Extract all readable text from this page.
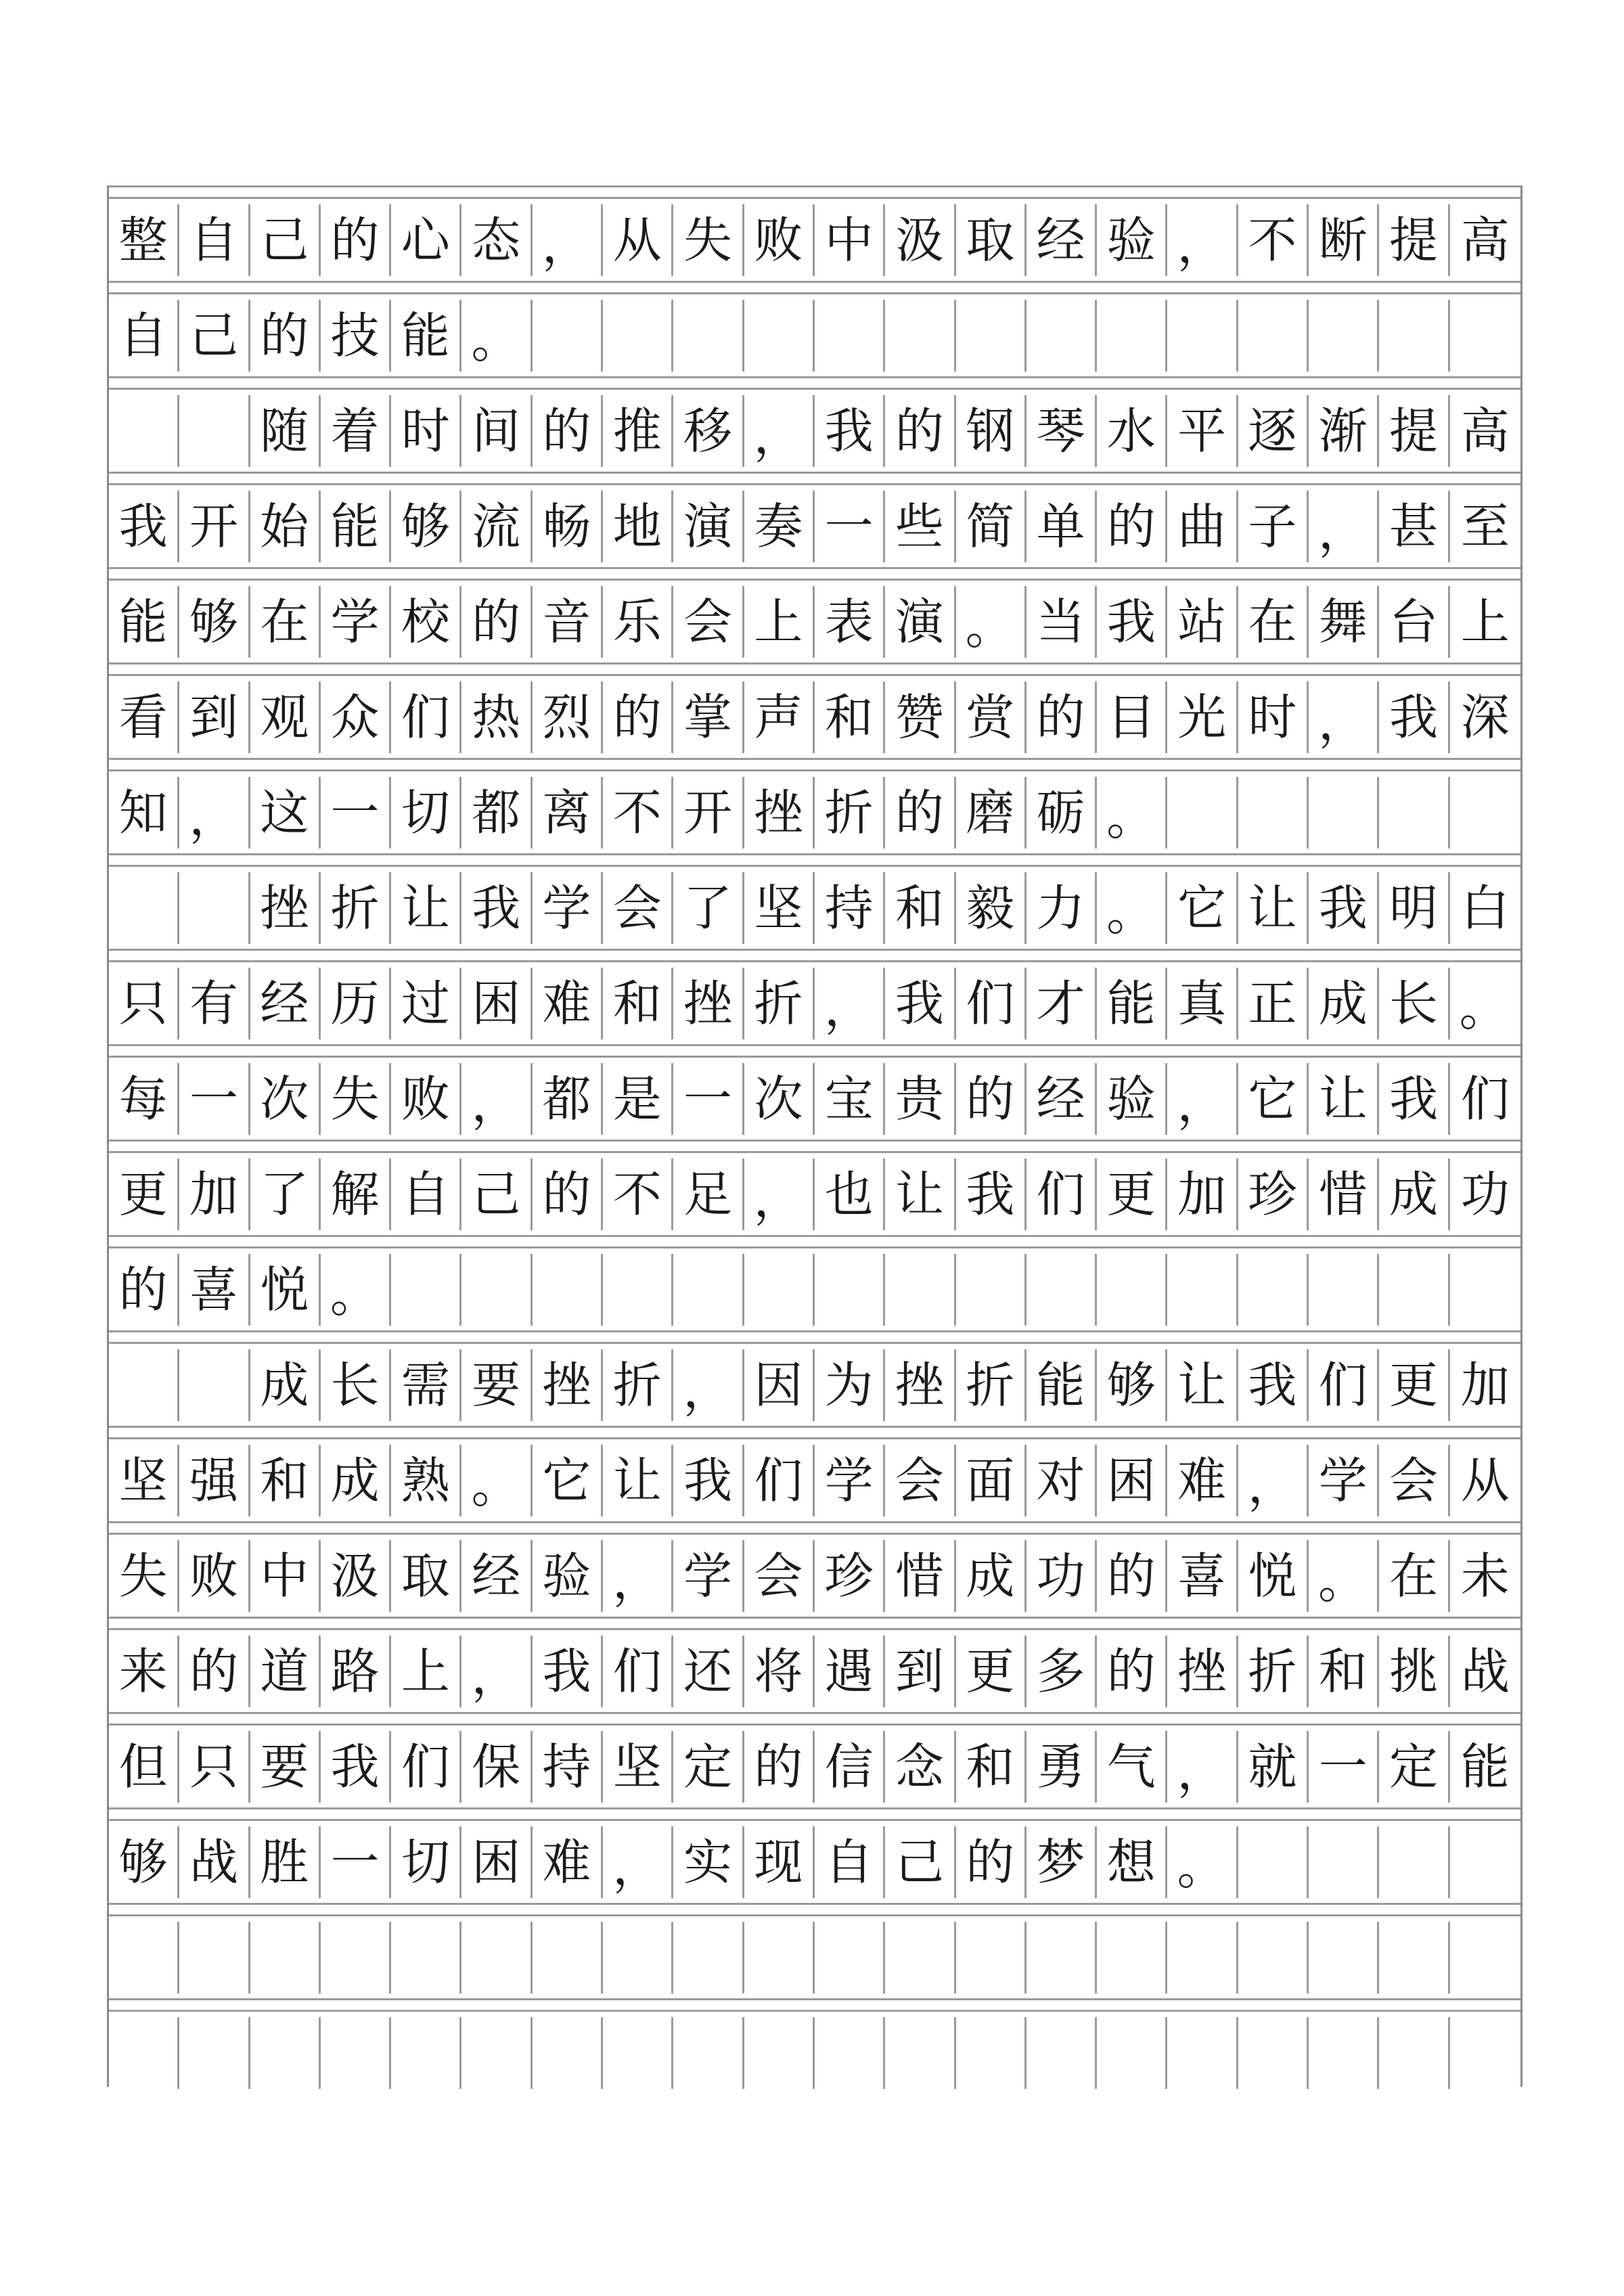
整 自 己 的 心 态 ， 从 失 败 中 汲 取 经 验 ， 不 断 提 高
自 己 的 技 能 。
随 着 时 间 的 推 移 ， 我 的 钢 琴 水 平 逐 渐 提 高
我 开 始 能 够 流 畅 地 演 奏 一 些 简 单 的 曲 子 ， 甚 至
能 够 在 学 校 的 音 乐 会 上 表 演 。 当 我 站 在 舞 台 上
看 到 观 众 们 热 烈 的 掌 声 和 赞 赏 的 目 光 时 ， 我 深
知 ， 这 一 切 都 离 不 开 挫 折 的 磨 砺 。
挫 折 让 我 学 会 了 坚 持 和 毅 力 。 它 让 我 明 白
只 有 经 历 过 困 难 和 挫 折 ， 我 们 才 能 真 正 成 长 。
每 一 次 失 败 ， 都 是 一 次 宝 贵 的 经 验 ， 它 让 我 们
更 加 了 解 自 己 的 不 足 ， 也 让 我 们 更 加 珍 惜 成 功
的 喜 悦 。
成 长 需 要 挫 折 ， 因 为 挫 折 能 够 让 我 们 更 加
坚 强 和 成 熟 。 它 让 我 们 学 会 面 对 困 难 ， 学 会 从
失 败 中 汲 取 经 验 ， 学 会 珍 惜 成 功 的 喜 悦 。 在 未
来 的 道 路 上 ， 我 们 还 将 遇 到 更 多 的 挫 折 和 挑 战
但 只 要 我 们 保 持 坚 定 的 信 念 和 勇 气 ， 就 一 定 能
够 战 胜 一 切 困 难 ， 实 现 自 己 的 梦 想 。
